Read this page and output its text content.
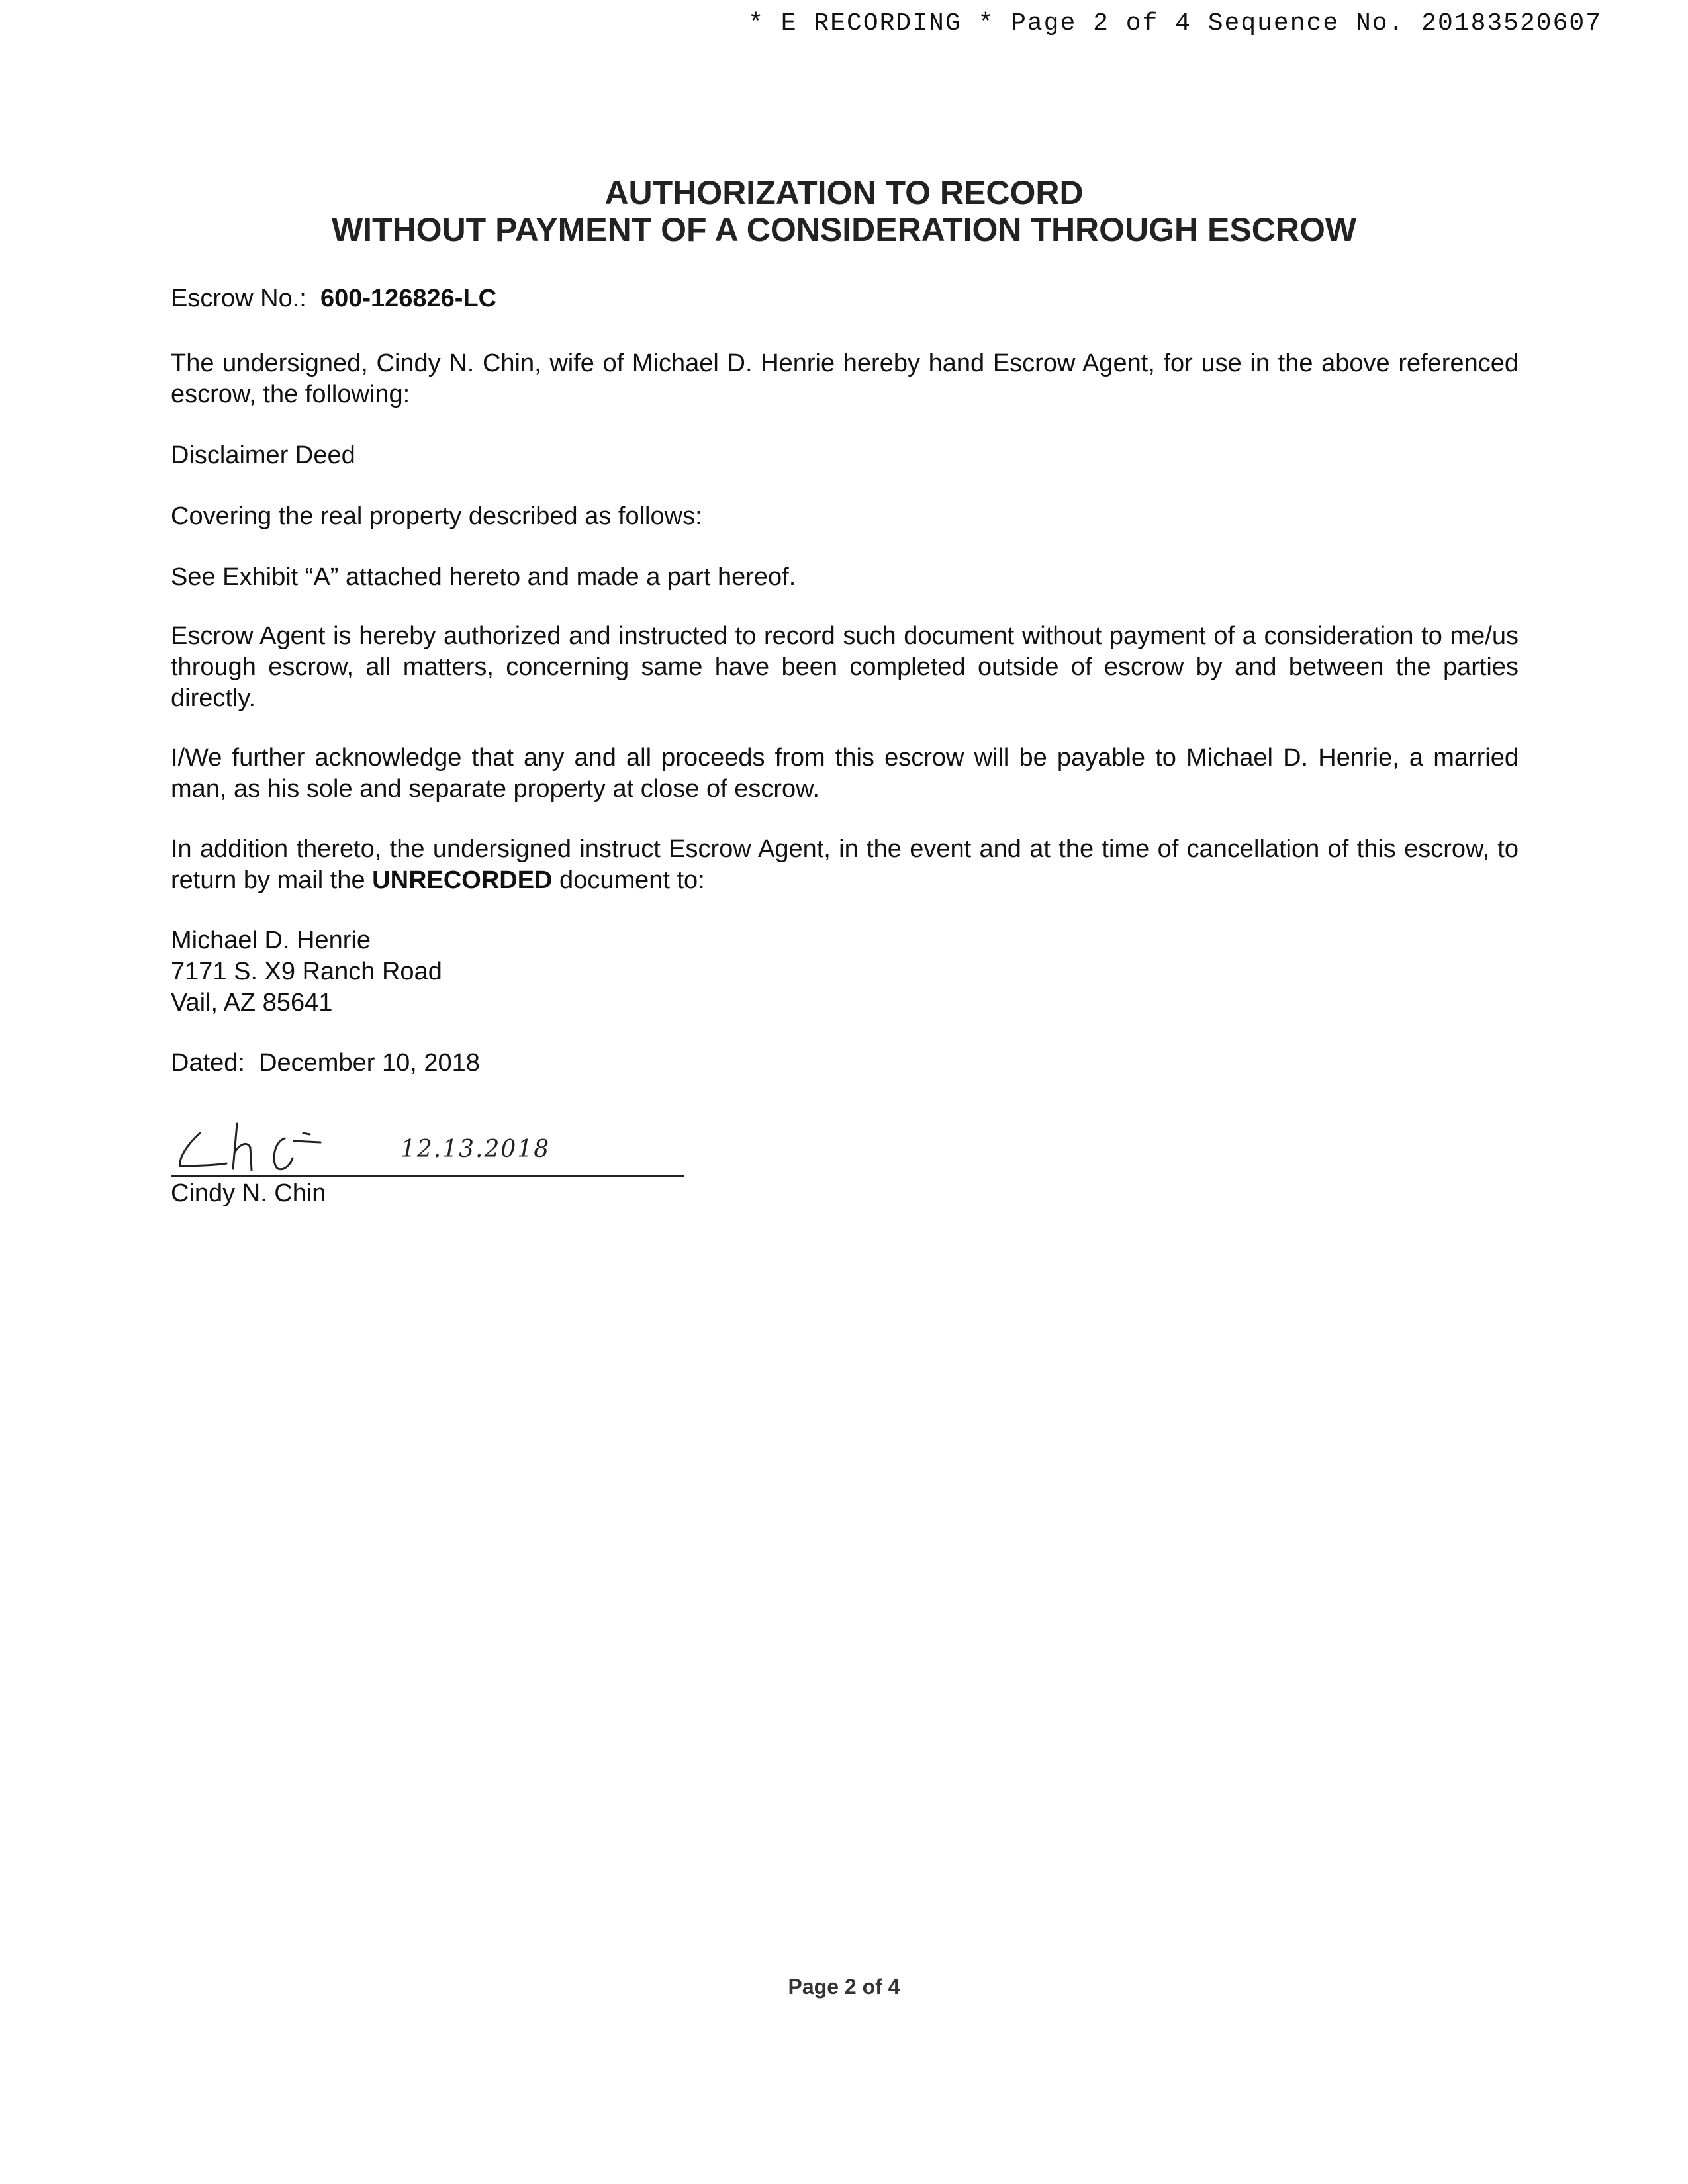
* E RECORDING * Page 2 of 4 Sequence No. 20183520607
AUTHORIZATION TO RECORD
WITHOUT PAYMENT OF A CONSIDERATION THROUGH ESCROW
Escrow No.: 600-126826-LC

The undersigned, Cindy N. Chin, wife of Michael D. Henrie hereby hand Escrow Agent, for use in the above referenced escrow, the following:

Disclaimer Deed

Covering the real property described as follows:

See Exhibit “A” attached hereto and made a part hereof.

Escrow Agent is hereby authorized and instructed to record such document without payment of a consideration to me/us through escrow, all matters, concerning same have been completed outside of escrow by and between the parties directly.

I/We further acknowledge that any and all proceeds from this escrow will be payable to Michael D. Henrie, a married man, as his sole and separate property at close of escrow.

In addition thereto, the undersigned instruct Escrow Agent, in the event and at the time of cancellation of this escrow, to return by mail the UNRECORDED document to:

Michael D. Henrie
7171 S. X9 Ranch Road
Vail, AZ 85641
Dated: December 10, 2018
12.13.2018
Cindy N. Chin
Page 2 of 4
